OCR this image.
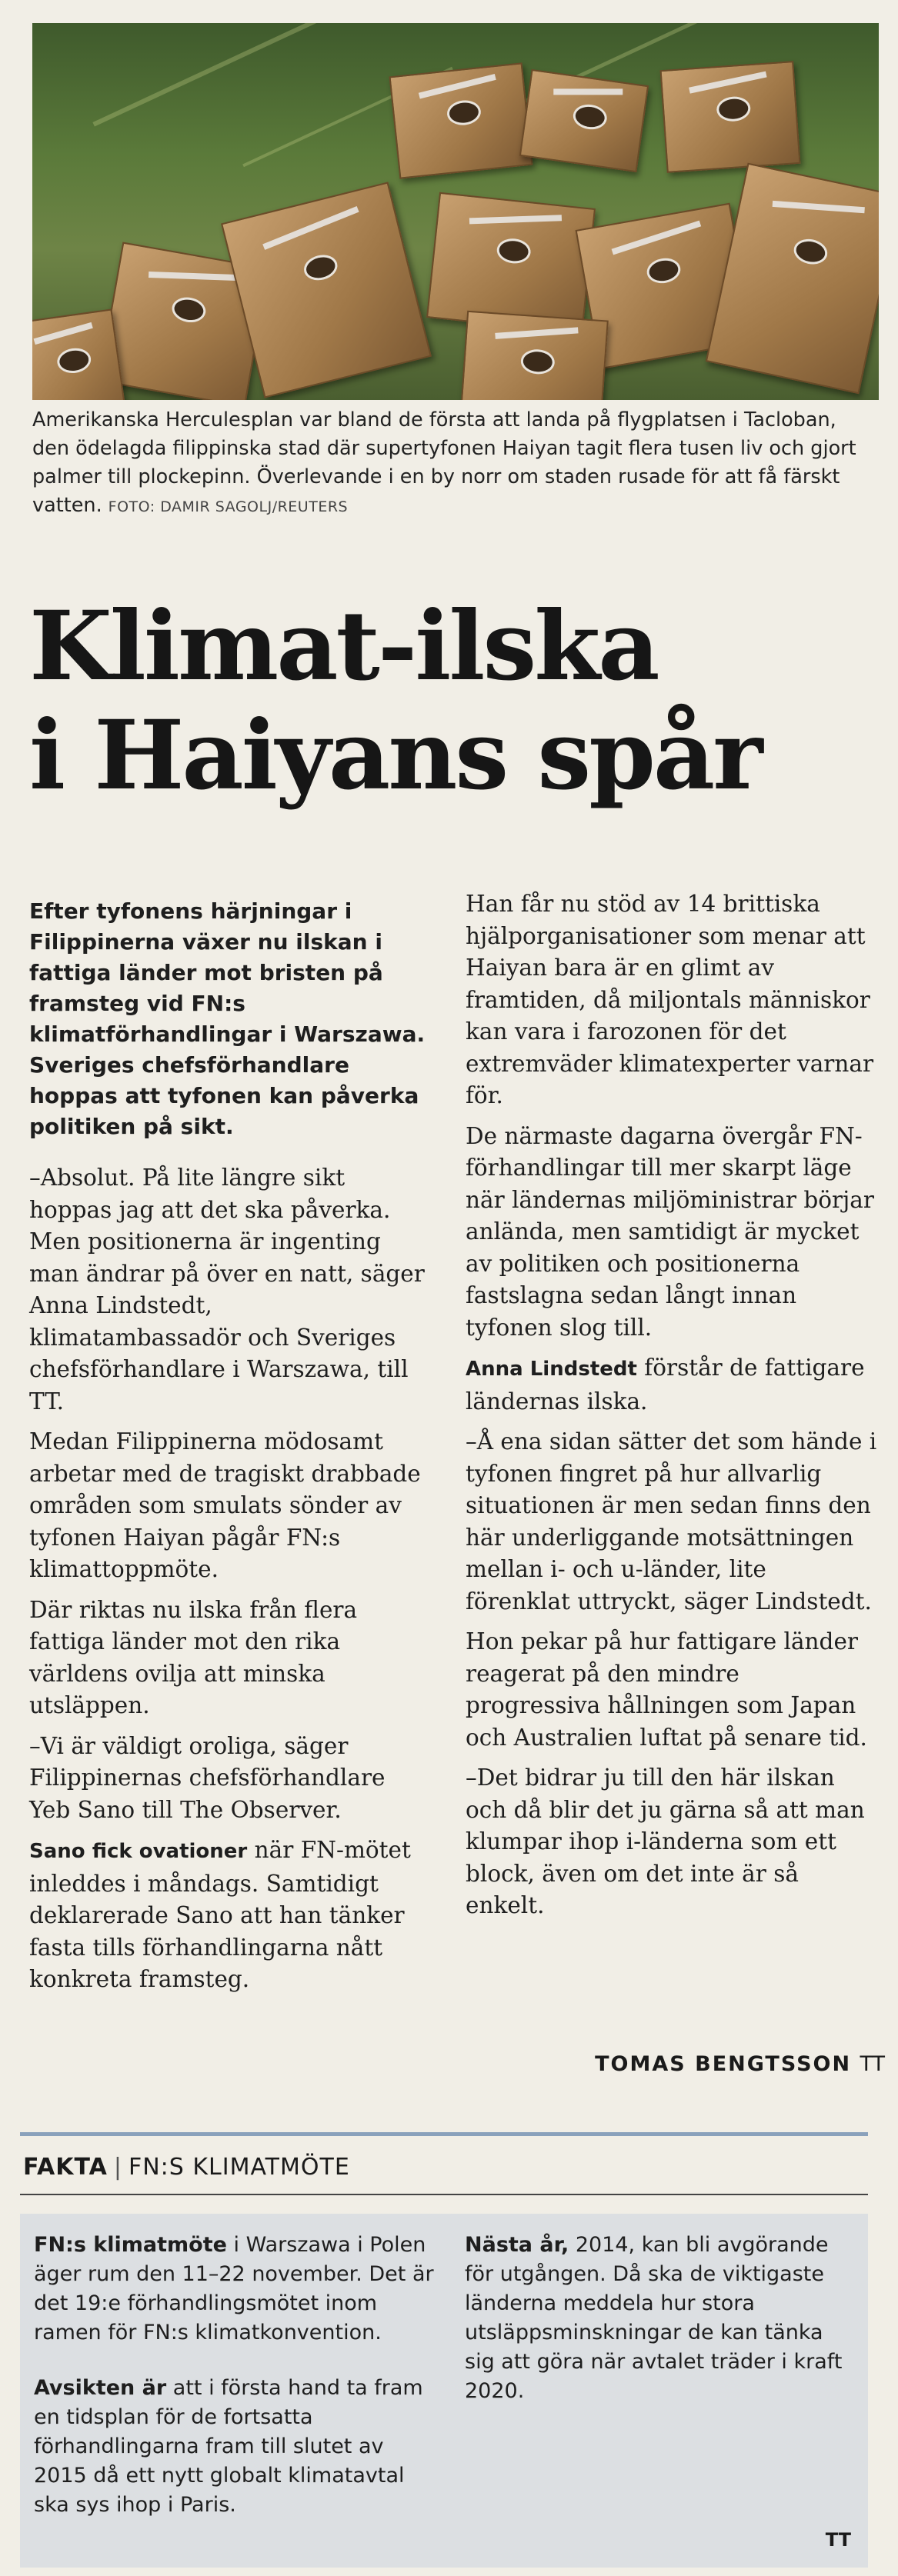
Amerikanska Herculesplan var bland de första att landa på flygplatsen i Tacloban, den ödelagda filippinska stad där supertyfonen Haiyan tagit flera tusen liv och gjort palmer till plockepinn. Överlevande i en by norr om staden rusade för att få färskt vatten. FOTO: DAMIR SAGOLJ/REUTERS
Klimat-ilska
i Haiyans spår

Efter tyfonens härjningar i Filippinerna växer nu ilskan i fattiga länder mot bristen på framsteg vid FN:s klimatförhandlingar i Warszawa. Sveriges chefsförhandlare hoppas att tyfonen kan påverka politiken på sikt.

–Absolut. På lite längre sikt hoppas jag att det ska påverka. Men positionerna är ingenting man ändrar på över en natt, säger Anna Lindstedt, klimatambassadör och Sveriges chefsförhandlare i Warszawa, till TT.

Medan Filippinerna mödosamt arbetar med de tragiskt drabbade områden som smulats sönder av tyfonen Haiyan pågår FN:s klimattoppmöte.

Där riktas nu ilska från flera fattiga länder mot den rika världens ovilja att minska utsläppen.

–Vi är väldigt oroliga, säger Filippinernas chefsförhandlare Yeb Sano till The Observer.

Sano fick ovationer när FN-mötet inleddes i måndags. Samtidigt deklarerade Sano att han tänker fasta tills förhandlingarna nått konkreta framsteg.

Han får nu stöd av 14 brittiska hjälporganisationer som menar att Haiyan bara är en glimt av framtiden, då miljontals människor kan vara i farozonen för det extremväder klimatexperter varnar för.

De närmaste dagarna övergår FN-förhandlingar till mer skarpt läge när ländernas miljöministrar börjar anlända, men samtidigt är mycket av politiken och positionerna fastslagna sedan långt innan tyfonen slog till.

Anna Lindstedt förstår de fattigare ländernas ilska.

–Å ena sidan sätter det som hände i tyfonen fingret på hur allvarlig situationen är men sedan finns den här underliggande motsättningen mellan i- och u-länder, lite förenklat uttryckt, säger Lindstedt.

Hon pekar på hur fattigare länder reagerat på den mindre progressiva hållningen som Japan och Australien luftat på senare tid.

–Det bidrar ju till den här ilskan och då blir det ju gärna så att man klumpar ihop i-länderna som ett block, även om det inte är så enkelt.

TOMAS BENGTSSON TT
FAKTA | FN:S KLIMATMÖTE

FN:s klimatmöte i Warszawa i Polen äger rum den 11–22 november. Det är det 19:e förhandlingsmötet inom ramen för FN:s klimatkonvention.

Avsikten är att i första hand ta fram en tidsplan för de fortsatta förhandlingarna fram till slutet av 2015 då ett nytt globalt klimatavtal ska sys ihop i Paris.

Nästa år, 2014, kan bli avgörande för utgången. Då ska de viktigaste länderna meddela hur stora utsläppsminskningar de kan tänka sig att göra när avtalet träder i kraft 2020.

TT
